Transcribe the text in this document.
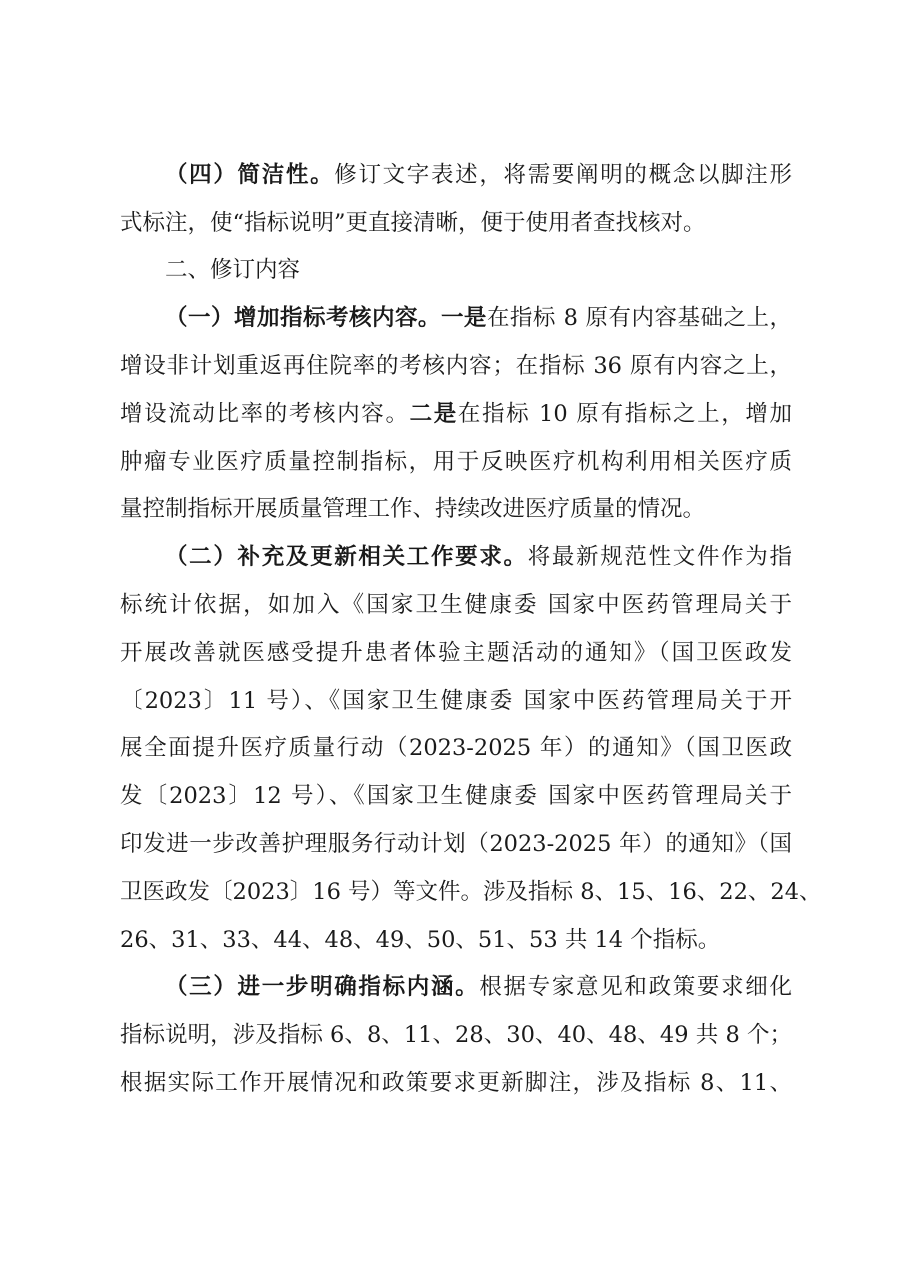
（四）简洁性。修订文字表述，将需要阐明的概念以脚注形
式标注，使“指标说明”更直接清晰，便于使用者查找核对。
二、修订内容
（一）增加指标考核内容。一是在指标 8 原有内容基础之上，
增设非计划重返再住院率的考核内容；在指标 36 原有内容之上，
增设流动比率的考核内容。二是在指标 10 原有指标之上，增加
肿瘤专业医疗质量控制指标，用于反映医疗机构利用相关医疗质
量控制指标开展质量管理工作、持续改进医疗质量的情况。
（二）补充及更新相关工作要求。将最新规范性文件作为指
标统计依据，如加入《国家卫生健康委 国家中医药管理局关于
开展改善就医感受提升患者体验主题活动的通知》（国卫医政发
〔2023〕11 号）、《国家卫生健康委 国家中医药管理局关于开
展全面提升医疗质量行动（2023-2025 年）的通知》（国卫医政
发〔2023〕12 号）、《国家卫生健康委 国家中医药管理局关于
印发进一步改善护理服务行动计划（2023-2025 年）的通知》（国
卫医政发〔2023〕16 号）等文件。涉及指标 8、15、16、22、24、
26、31、33、44、48、49、50、51、53 共 14 个指标。
（三）进一步明确指标内涵。根据专家意见和政策要求细化
指标说明，涉及指标 6、8、11、28、30、40、48、49 共 8 个；
根据实际工作开展情况和政策要求更新脚注，涉及指标 8、11、
